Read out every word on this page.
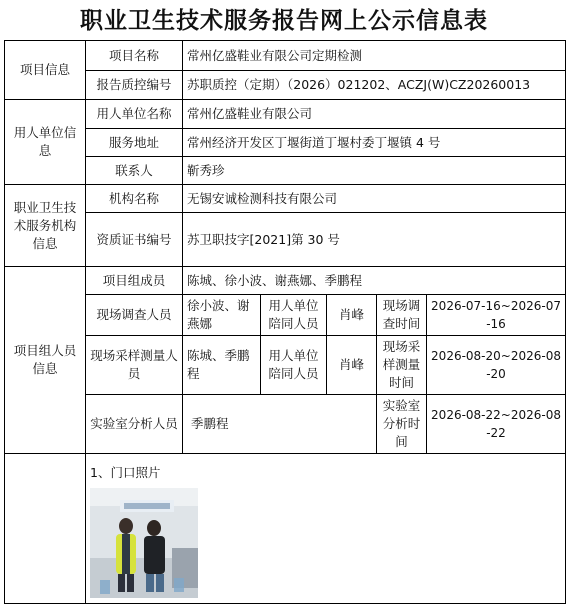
职业卫生技术服务报告网上公示信息表
项目信息	项目名称	常州亿盛鞋业有限公司定期检测				
	报告质控编号	苏职质控（定期）（2026）021202、ACZJ(W)CZ20260013				
用人单位信息	用人单位名称	常州亿盛鞋业有限公司				
	服务地址	常州经济开发区丁堰街道丁堰村委丁堰镇 4 号				
	联系人	靳秀珍				
职业卫生技术服务机构信息	机构名称	无锡安诚检测科技有限公司				
	资质证书编号	苏卫职技字[2021]第 30 号				
项目组人员信息	项目组成员	陈城、徐小波、谢燕娜、季鹏程				
	现场调查人员	徐小波、谢燕娜	用人单位陪同人员	肖峰	现场调查时间	2026-07-16~2026-07-16
	现场采样测量人员	陈城、季鹏程	用人单位陪同人员	肖峰	现场采样测量时间	2026-08-20~2026-08-20
	实验室分析人员	季鹏程			实验室分析时间	2026-08-22~2026-08-22

	1、门口照片					
